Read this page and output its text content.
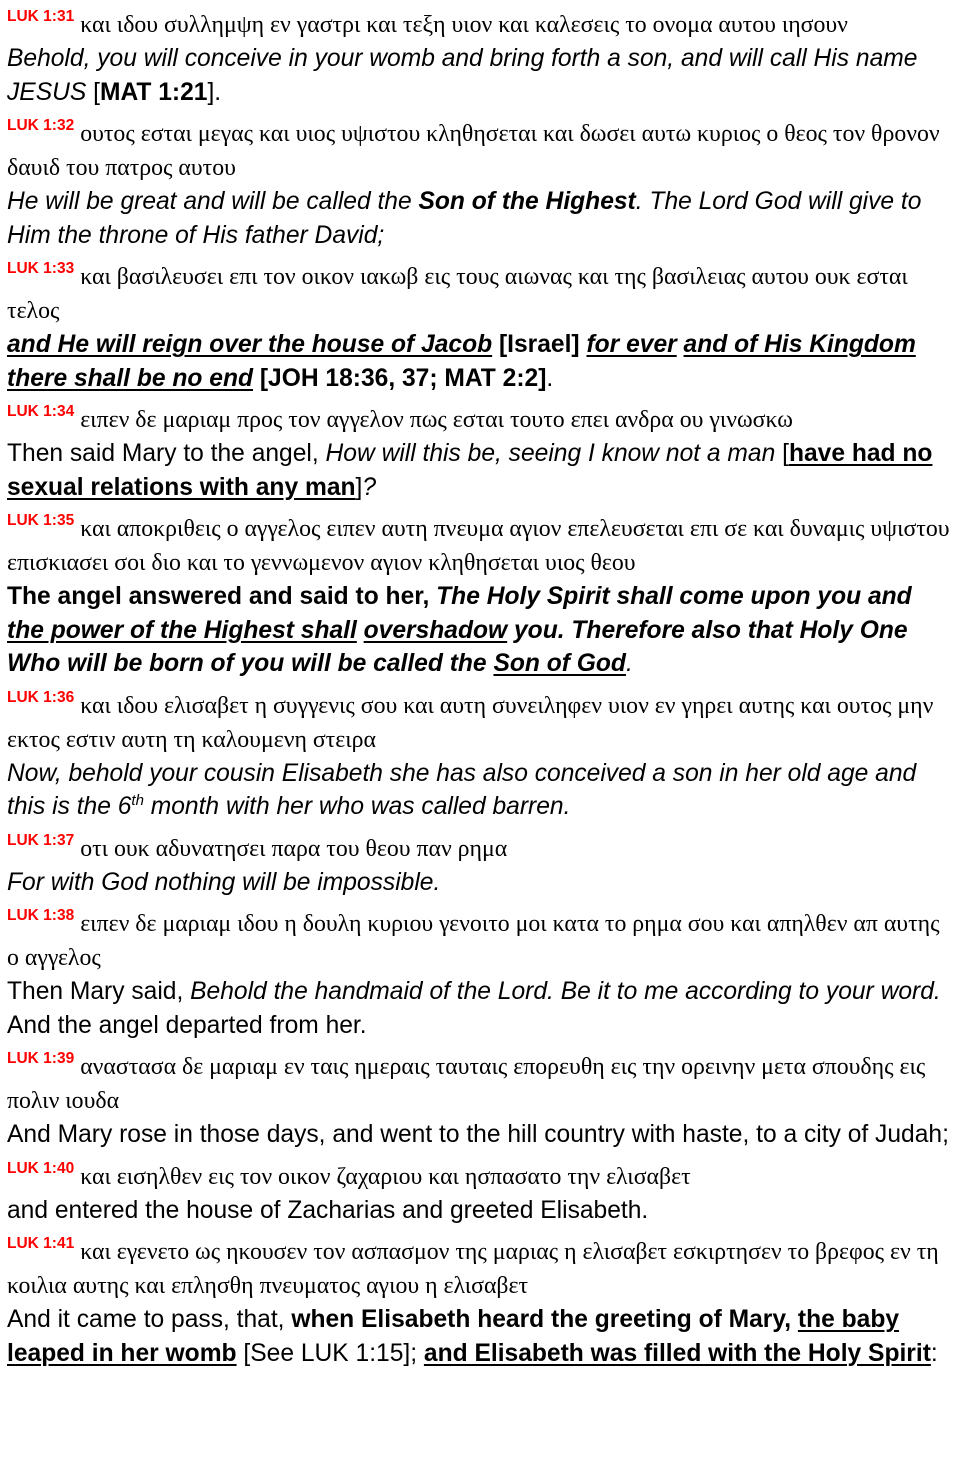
$^{LUK 1:31}$ και ιδου συλλημψη εν γαστρι και τεξη υιον και καλεσεις το ονομα αυτου ιησουν

Behold, you will conceive in your womb and bring forth a son, and will call His name JESUS [MAT 1:21].

$^{LUK 1:32}$ ουτος εσται μεγας και υιος υψιστου κληθησεται και δωσει αυτω κυριος ο θεος τον θρονον δαυιδ του πατρος αυτου

He will be great and will be called the Son of the Highest. The Lord God will give to Him the throne of His father David;

$^{LUK 1:33}$ και βασιλευσει επι τον οικον ιακωβ εις τους αιωνας και της βασιλειας αυτου ουκ εσται τελος

and He will reign over the house of Jacob [Israel] for ever and of His Kingdom there shall be no end [JOH 18:36, 37; MAT 2:2].

$^{LUK 1:34}$ ειπεν δε μαριαμ προς τον αγγελον πως εσται τουτο επει ανδρα ου γινωσκω

Then said Mary to the angel, How will this be, seeing I know not a man [have had no sexual relations with any man]?

$^{LUK 1:35}$ και αποκριθεις ο αγγελος ειπεν αυτη πνευμα αγιον επελευσεται επι σε και δυναμις υψιστου επισκιασει σοι διο και το γεννωμενον αγιον κληθησεται υιος θεου

The angel answered and said to her, The Holy Spirit shall come upon you and the power of the Highest shall overshadow you. Therefore also that Holy One Who will be born of you will be called the Son of God.

$^{LUK 1:36}$ και ιδου ελισαβετ η συγγενις σου και αυτη συνειληφεν υιον εν γηρει αυτης και ουτος μην εκτος εστιν αυτη τη καλουμενη στειρα

Now, behold your cousin Elisabeth she has also conceived a son in her old age and this is the 6th month with her who was called barren.

$^{LUK 1:37}$ οτι ουκ αδυνατησει παρα του θεου παν ρημα

For with God nothing will be impossible.

$^{LUK 1:38}$ ειπεν δε μαριαμ ιδου η δουλη κυριου γενοιτο μοι κατα το ρημα σου και απηλθεν απ αυτης ο αγγελος

Then Mary said, Behold the handmaid of the Lord. Be it to me according to your word. And the angel departed from her.

$^{LUK 1:39}$ αναστασα δε μαριαμ εν ταις ημεραις ταυταις επορευθη εις την ορεινην μετα σπουδης εις πολιν ιουδα

And Mary rose in those days, and went to the hill country with haste, to a city of Judah;

$^{LUK 1:40}$ και εισηλθεν εις τον οικον ζαχαριου και ησπασατο την ελισαβετ

and entered the house of Zacharias and greeted Elisabeth.

$^{LUK 1:41}$ και εγενετο ως ηκουσεν τον ασπασμον της μαριας η ελισαβετ εσκιρτησεν το βρεφος εν τη κοιλια αυτης και επλησθη πνευματος αγιου η ελισαβετ

And it came to pass, that, when Elisabeth heard the greeting of Mary, the baby leaped in her womb [See LUK 1:15]; and Elisabeth was filled with the Holy Spirit:
